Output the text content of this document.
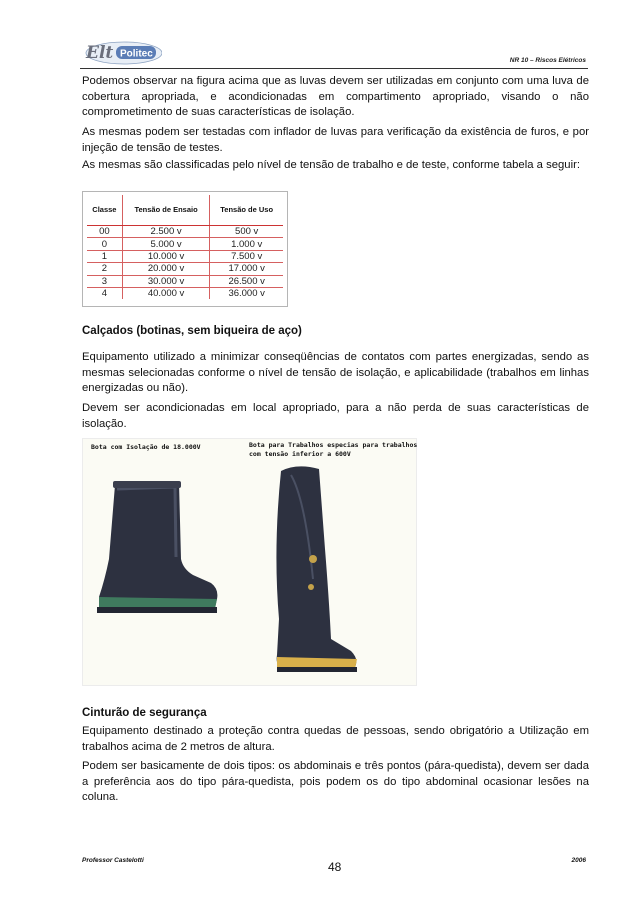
Elt Politec
NR 10 – Riscos Elétricos

Podemos observar na figura acima que as luvas devem ser utilizadas em conjunto com uma luva de cobertura apropriada, e acondicionadas em compartimento apropriado, visando o não comprometimento de suas características de isolação.

As mesmas podem ser testadas com inflador de luvas para verificação da existência de furos, e por injeção de tensão de testes.

As mesmas são classificadas pelo nível de tensão de trabalho e de teste, conforme tabela a seguir:

Classe	Tensão de Ensaio	Tensão de Uso
00	2.500 v	500 v
0	5.000 v	1.000 v
1	10.000 v	7.500 v
2	20.000 v	17.000 v
3	30.000 v	26.500 v
4	40.000 v	36.000 v
Calçados (botinas, sem biqueira de aço)

Equipamento utilizado a minimizar conseqüências de contatos com partes energizadas, sendo as mesmas selecionadas conforme o nível de tensão de isolação, e aplicabilidade (trabalhos em linhas energizadas ou não).

Devem ser acondicionadas em local apropriado, para a não perda de suas características de isolação.

Bota com Isolação de 18.000V	Bota para Trabalhos especias para trabalhos com tensão inferior a 600V
Cinturão de segurança

Equipamento destinado a proteção contra quedas de pessoas, sendo obrigatório a Utilização em trabalhos acima de 2 metros de altura.

Podem ser basicamente de dois tipos: os abdominais e três pontos (pára-quedista), devem ser dada a preferência aos do tipo pára-quedista, pois podem os do tipo abdominal ocasionar lesões na coluna.

Professor Castelotti	48	2006
